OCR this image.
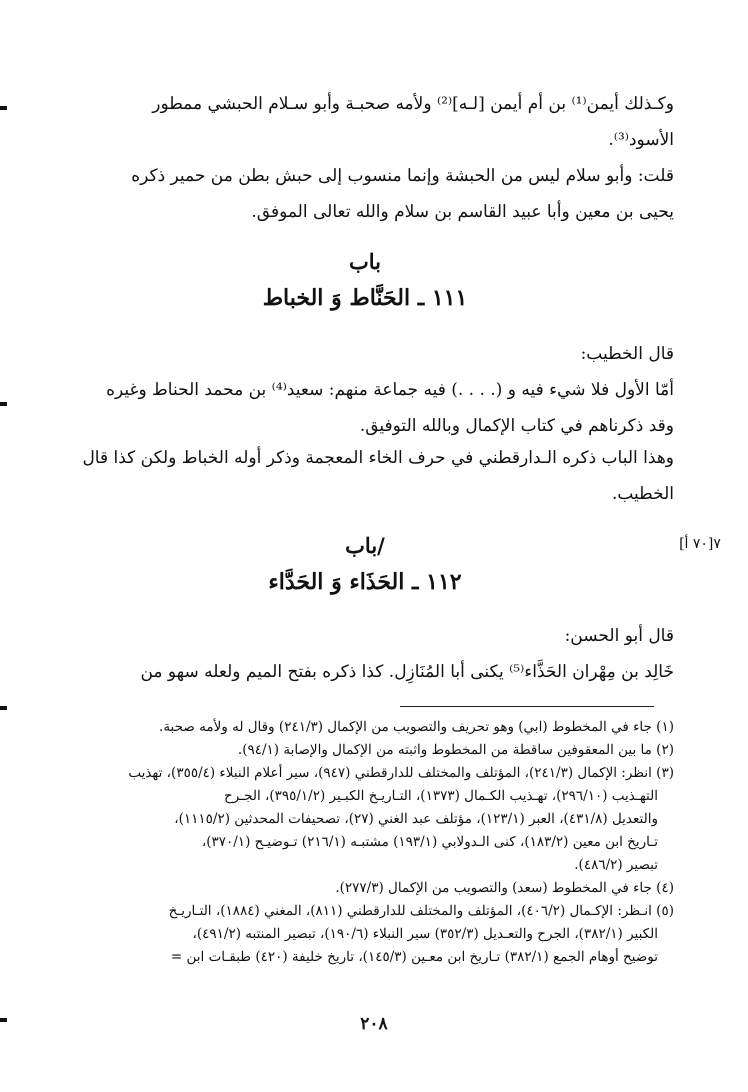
وكـذلك أيمن⁽¹⁾ بن أم أيمن [لـه]⁽²⁾ ولأمه صحبـة وأبو سـلام الحبشي ممطور

الأسود⁽³⁾.

قلت: وأبو سلام ليس من الحبشة وإنما منسوب إلى حبش بطن من حمير ذكره

يحيى بن معين وأبا عبيد القاسم بن سلام والله تعالى الموفق.

باب

١١١ ـ الحَنَّاط وَ الخباط

قال الخطيب:

أمّا الأول فلا شيء فيه و (. . . .) فيه جماعة منهم: سعيد⁽⁴⁾ بن محمد الحناط وغيره

وقد ذكرناهم في كتاب الإكمال وبالله التوفيق.

وهذا الباب ذكره الـدارقطني في حرف الخاء المعجمة وذكر أوله الخباط ولكن كذا قال

الخطيب.

٧[٧٠ أ]

/باب

١١٢ ـ الحَذَاء وَ الحَدَّاء

قال أبو الحسن:

خَالِد بن مِهْران الحَذَّاء⁽⁵⁾ يكنى أبا المُنَازِل. كذا ذكره بفتح الميم ولعله سهو من

(١) جاء في المخطوط (ابي) وهو تحريف والتصويب من الإكمال (٢٤١/٣) وقال له ولأمه صحبة.

(٢) ما بين المعقوفين ساقطة من المخطوط واثبته من الإكمال والإصابة (٩٤/١).

(٣) انظر: الإكمال (٢٤١/٣)، المؤتلف والمختلف للدارقطني (٩٤٧)، سير أعلام النبلاء (٣٥٥/٤)، تهذيب

التهـذيب (٢٩٦/١٠)، تهـذيب الكـمال (١٣٧٣)، التـاريـخ الكبـير (٣٩٥/١/٢)، الجـرح

والتعديل (٤٣١/٨)، العبر (١٢٣/١)، مؤتلف عبد الغني (٢٧)، تصحيفات المحدثين (١١١٥/٢)،

تـاريخ ابن معين (١٨٣/٢)، كنى الـدولابي (١٩٣/١) مشتبـه (٢١٦/١) تـوضيـح (٣٧٠/١)،

تبصير (٤٨٦/٢).

(٤) جاء في المخطوط (سعد) والتصويب من الإكمال (٢٧٧/٣).

(٥) انـظر: الإكـمال (٤٠٦/٢)، المؤتلف والمختلف للدارقطني (٨١١)، المغني (١٨٨٤)، التـاريـخ

الكبير (٣٨٢/١)، الجرح والتعـديل (٣٥٢/٣) سير النبلاء (١٩٠/٦)، تبصير المنتبه (٤٩١/٢)،

توضيح أوهام الجمع (٣٨٢/١) تـاريخ ابن معـين (١٤٥/٣)، تاريخ خليفة (٤٢٠) طبقـات ابن =

٢٠٨
